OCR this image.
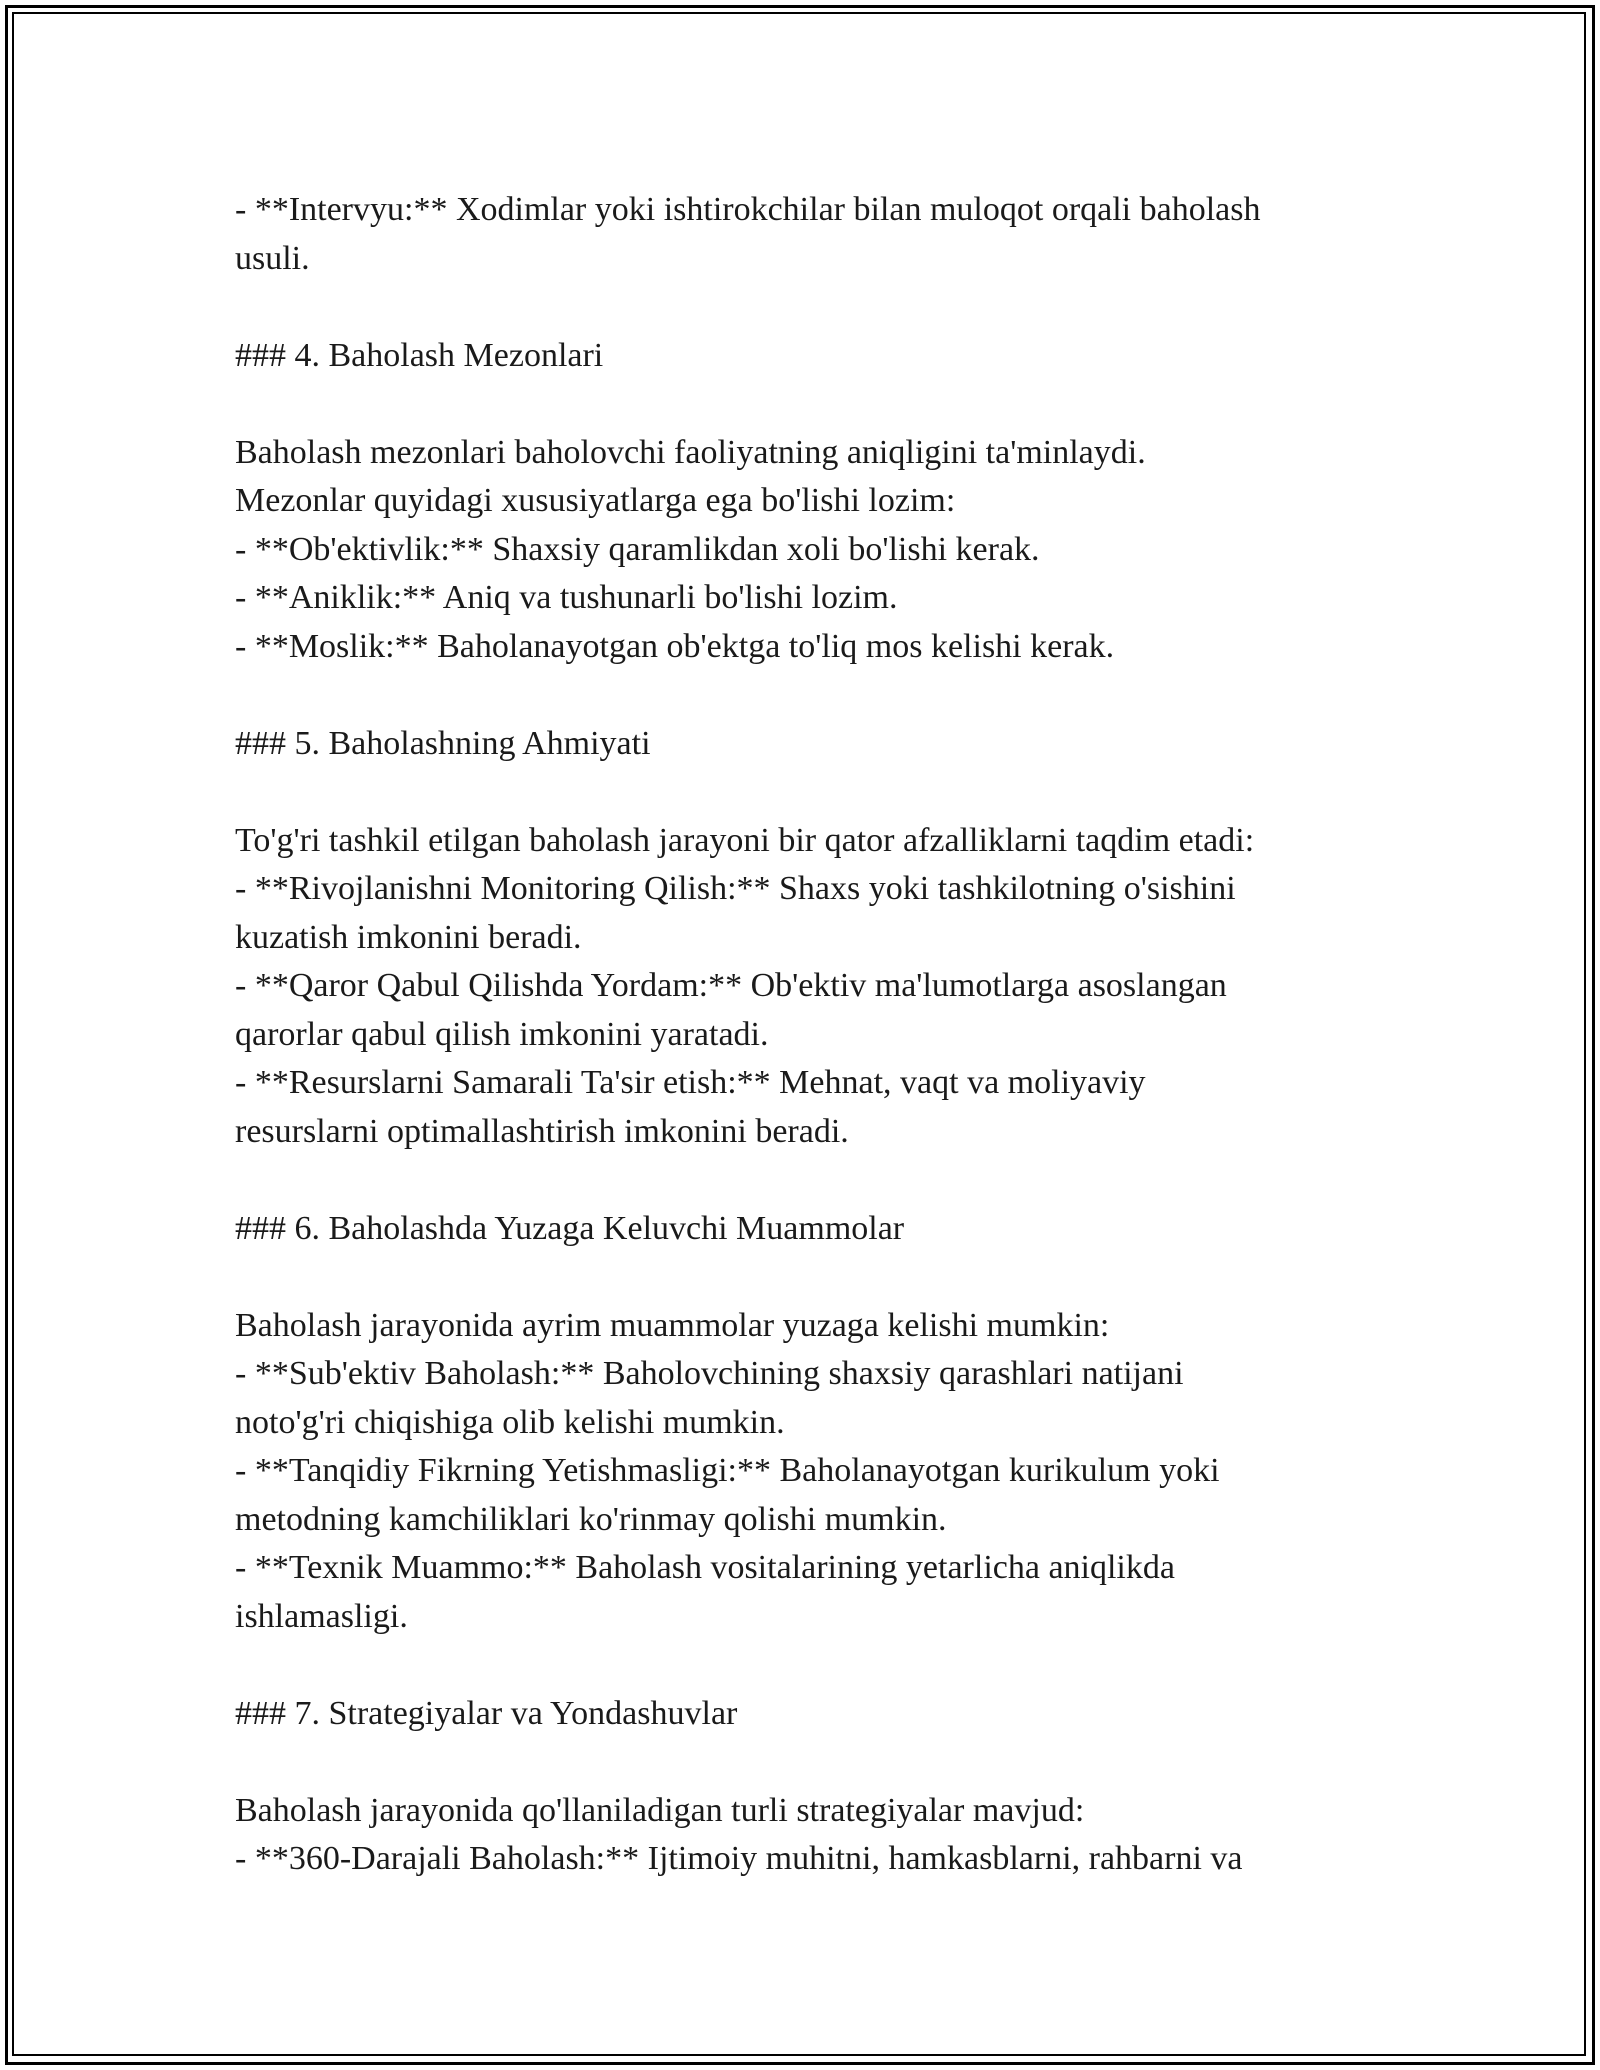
- **Intervyu:** Xodimlar yoki ishtirokchilar bilan muloqot orqali baholash
usuli.
### 4. Baholash Mezonlari
Baholash mezonlari baholovchi faoliyatning aniqligini ta'minlaydi.
Mezonlar quyidagi xususiyatlarga ega bo'lishi lozim:
- **Ob'ektivlik:** Shaxsiy qaramlikdan xoli bo'lishi kerak.
- **Aniklik:** Aniq va tushunarli bo'lishi lozim.
- **Moslik:** Baholanayotgan ob'ektga to'liq mos kelishi kerak.
### 5. Baholashning Ahmiyati
To'g'ri tashkil etilgan baholash jarayoni bir qator afzalliklarni taqdim etadi:
- **Rivojlanishni Monitoring Qilish:** Shaxs yoki tashkilotning o'sishini
kuzatish imkonini beradi.
- **Qaror Qabul Qilishda Yordam:** Ob'ektiv ma'lumotlarga asoslangan
qarorlar qabul qilish imkonini yaratadi.
- **Resurslarni Samarali Ta'sir etish:** Mehnat, vaqt va moliyaviy
resurslarni optimallashtirish imkonini beradi.
### 6. Baholashda Yuzaga Keluvchi Muammolar
Baholash jarayonida ayrim muammolar yuzaga kelishi mumkin:
- **Sub'ektiv Baholash:** Baholovchining shaxsiy qarashlari natijani
noto'g'ri chiqishiga olib kelishi mumkin.
- **Tanqidiy Fikrning Yetishmasligi:** Baholanayotgan kurikulum yoki
metodning kamchiliklari ko'rinmay qolishi mumkin.
- **Texnik Muammo:** Baholash vositalarining yetarlicha aniqlikda
ishlamasligi.
### 7. Strategiyalar va Yondashuvlar
Baholash jarayonida qo'llaniladigan turli strategiyalar mavjud:
- **360-Darajali Baholash:** Ijtimoiy muhitni, hamkasblarni, rahbarni va
